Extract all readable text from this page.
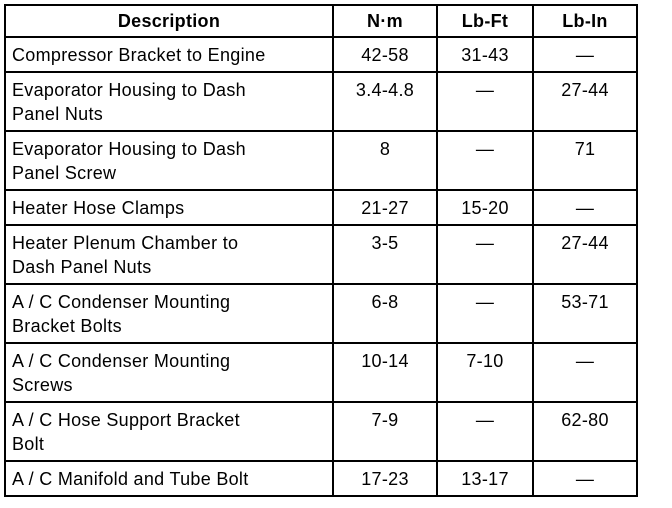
Description	N·m	Lb-Ft	Lb-In

Compressor Bracket to Engine	42-58	31-43	—

Evaporator Housing to Dash
Panel Nuts	3.4-4.8	—	27-44

Evaporator Housing to Dash
Panel Screw	8	—	71

Heater Hose Clamps	21-27	15-20	—

Heater Plenum Chamber to
Dash Panel Nuts	3-5	—	27-44

A / C Condenser Mounting
Bracket Bolts	6-8	—	53-71

A / C Condenser Mounting
Screws	10-14	7-10	—

A / C Hose Support Bracket
Bolt	7-9	—	62-80

A / C Manifold and Tube Bolt	17-23	13-17	—
